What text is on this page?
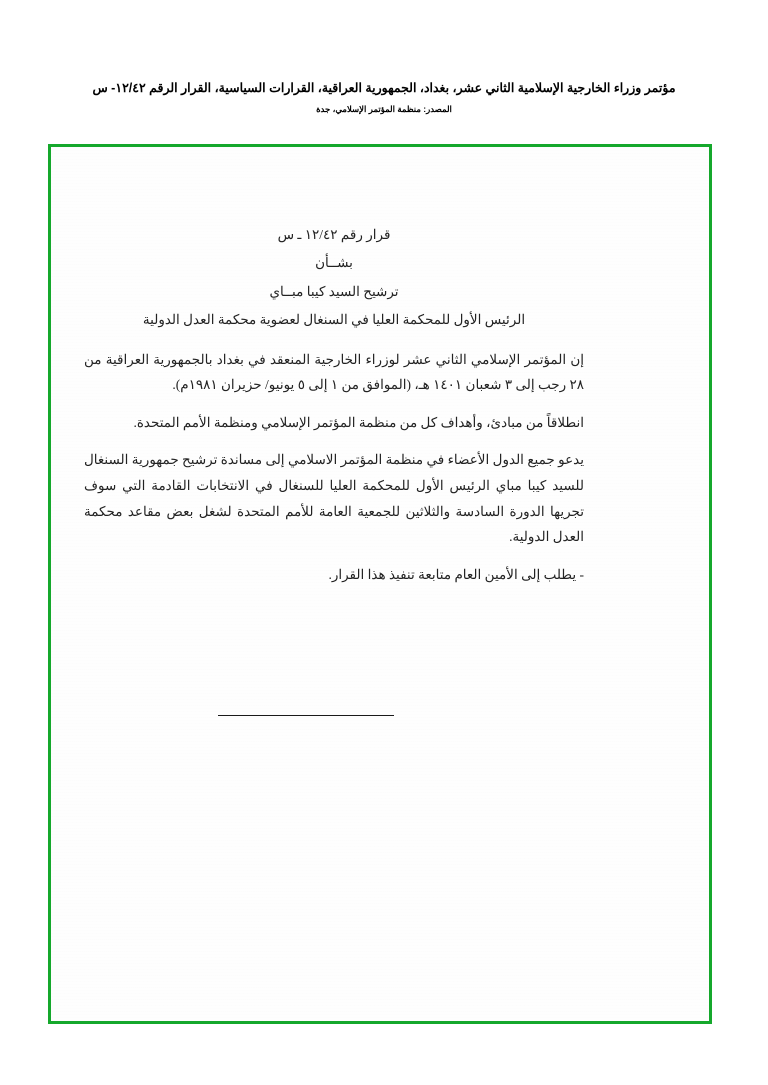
مؤتمر وزراء الخارجية الإسلامية الثاني عشر، بغداد، الجمهورية العراقية، القرارات السياسية، القرار الرقم ١٢/٤٢- س
المصدر: منظمة المؤتمر الإسلامي، جدة
قرار رقم ١٢/٤٢ ـ س
بشــأن
ترشيح السيد كيبا مبــاي
الرئيس الأول للمحكمة العليا في السنغال لعضوية محكمة العدل الدولية
إن المؤتمر الإسلامي الثاني عشر لوزراء الخارجية المنعقد في بغداد بالجمهورية العراقية من ٢٨ رجب إلى ٣ شعبان ١٤٠١ هـ، (الموافق من ١ إلى ٥ يونيو/ حزيران ١٩٨١م).
انطلاقاً من مبادئ، وأهداف كل من منظمة المؤتمر الإسلامي ومنظمة الأمم المتحدة.
يدعو جميع الدول الأعضاء في منظمة المؤتمر الاسلامي إلى مساندة ترشيح جمهورية السنغال للسيد كيبا مباي الرئيس الأول للمحكمة العليا للسنغال في الانتخابات القادمة التي سوف تجريها الدورة السادسة والثلاثين للجمعية العامة للأمم المتحدة لشغل بعض مقاعد محكمة العدل الدولية.
- يطلب إلى الأمين العام متابعة تنفيذ هذا القرار.
